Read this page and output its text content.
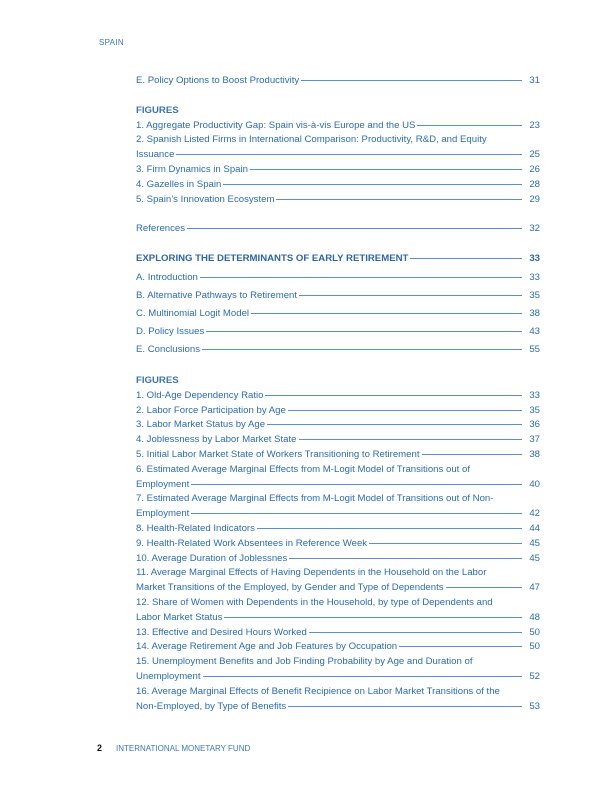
SPAIN
E. Policy Options to Boost Productivity	31
FIGURES
1. Aggregate Productivity Gap: Spain vis-à-vis Europe and the US	23
2. Spanish Listed Firms in International Comparison: Productivity, R&D, and Equity
Issuance	25
3. Firm Dynamics in Spain	26
4. Gazelles in Spain	28
5. Spain’s Innovation Ecosystem	29
References	32
EXPLORING THE DETERMINANTS OF EARLY RETIREMENT	33
A. Introduction	33
B. Alternative Pathways to Retirement	35
C. Multinomial Logit Model	38
D. Policy Issues	43
E. Conclusions	55
FIGURES
1. Old-Age Dependency Ratio	33
2. Labor Force Participation by Age	35
3. Labor Market Status by Age	36
4. Joblessness by Labor Market State	37
5. Initial Labor Market State of Workers Transitioning to Retirement	38
6. Estimated Average Marginal Effects from M-Logit Model of Transitions out of
Employment	40
7. Estimated Average Marginal Effects from M-Logit Model of Transitions out of Non-
Employment	42
8. Health-Related Indicators	44
9. Health-Related Work Absentees in Reference Week	45
10. Average Duration of Joblessnes	45
11. Average Marginal Effects of Having Dependents in the Household on the Labor
Market Transitions of the Employed, by Gender and Type of Dependents	47
12. Share of Women with Dependents in the Household, by type of Dependents and
Labor Market Status	48
13. Effective and Desired Hours Worked	50
14. Average Retirement Age and Job Features by Occupation	50
15. Unemployment Benefits and Job Finding Probability by Age and Duration of
Unemployment	52
16. Average Marginal Effects of Benefit Recipience on Labor Market Transitions of the
Non-Employed, by Type of Benefits	53
2 INTERNATIONAL MONETARY FUND
